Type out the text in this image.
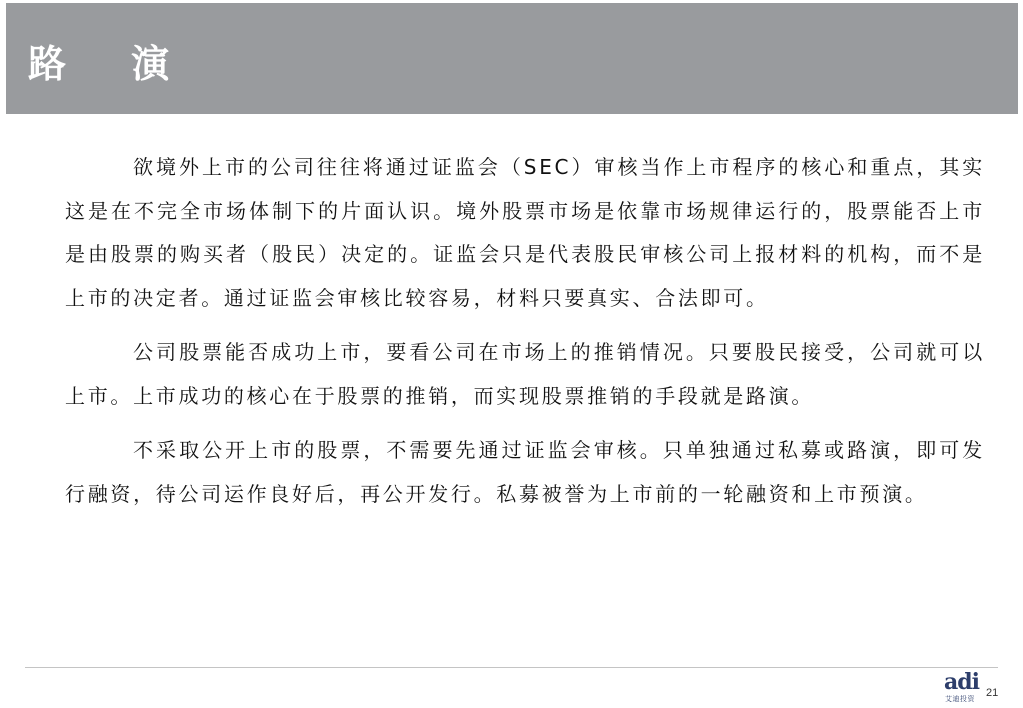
路 演

欲境外上市的公司往往将通过证监会（SEC）审核当作上市程序的核心和重点，其实这是在不完全市场体制下的片面认识。境外股票市场是依靠市场规律运行的，股票能否上市是由股票的购买者（股民）决定的。证监会只是代表股民审核公司上报材料的机构，而不是上市的决定者。通过证监会审核比较容易，材料只要真实、合法即可。

公司股票能否成功上市，要看公司在市场上的推销情况。只要股民接受，公司就可以上市。上市成功的核心在于股票的推销，而实现股票推销的手段就是路演。

不采取公开上市的股票，不需要先通过证监会审核。只单独通过私募或路演，即可发行融资，待公司运作良好后，再公开发行。私募被誉为上市前的一轮融资和上市预演。

adi
艾迪投资 21
